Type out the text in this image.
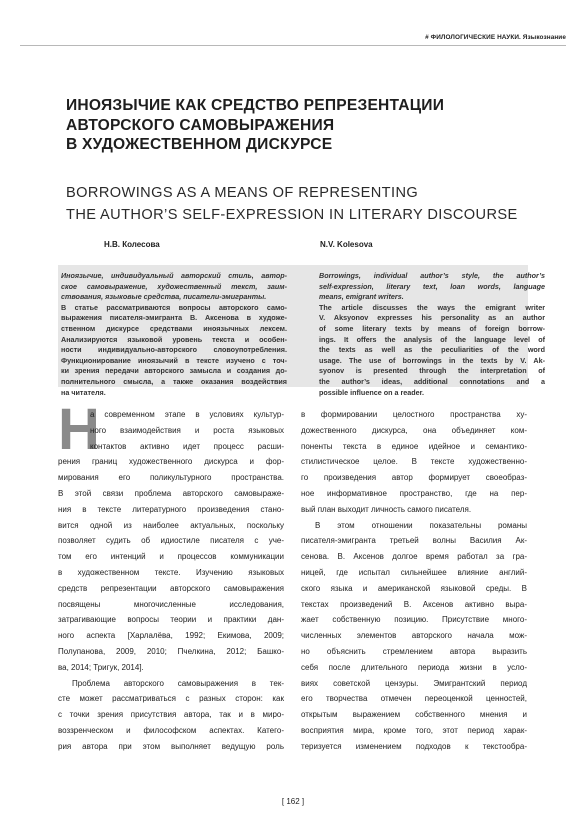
# ФИЛОЛОГИЧЕСКИЕ НАУКИ. Языкознание
ИНОЯЗЫЧИЕ КАК СРЕДСТВО РЕПРЕЗЕНТАЦИИ
АВТОРСКОГО САМОВЫРАЖЕНИЯ
В ХУДОЖЕСТВЕННОМ ДИСКУРСЕ
BORROWINGS AS A MEANS OF REPRESENTING
THE AUTHOR’S SELF-EXPRESSION IN LITERARY DISCOURSE
Н.В. Колесова	N.V. Kolesova
Иноязычие, индивидуальный авторский стиль, автор-
ское самовыражение, художественный текст, заим-
ствования, языковые средства, писатели-эмигранты.
В статье рассматриваются вопросы авторского само-
выражения писателя-эмигранта В. Аксенова в художе-
ственном дискурсе средствами иноязычных лексем.
Анализируются языковой уровень текста и особен-
ности индивидуально-авторского словоупотребления.
Функционирование иноязычий в тексте изучено с точ-
ки зрения передачи авторского замысла и создания до-
полнительного смысла, а также оказания воздействия
на читателя.
Borrowings, individual author’s style, the author’s
self-expression, literary text, loan words, language
means, emigrant writers.
The article discusses the ways the emigrant writer
V. Aksyonov expresses his personality as an author
of some literary texts by means of foreign borrow-
ings. It offers the analysis of the language level of
the texts as well as the peculiarities of the word
usage. The use of borrowings in the texts by V. Ak-
syonov is presented through the interpretation of
the author’s ideas, additional connotations and a
possible influence on a reader.
Н
а современном этапе в условиях культур-
ного взаимодействия и роста языковых
контактов активно идет процесс расши-
рения границ художественного дискурса и фор-
мирования его поликультурного пространства.
В этой связи проблема авторского самовыраже-
ния в тексте литературного произведения стано-
вится одной из наиболее актуальных, поскольку
позволяет судить об идиостиле писателя с уче-
том его интенций и процессов коммуникации
в художественном тексте. Изучению языковых
средств репрезентации авторского самовыражения
посвящены многочисленные исследования,
затрагивающие вопросы теории и практики дан-
ного аспекта [Харлалёва, 1992; Екимова, 2009;
Полупанова, 2009, 2010; Пчелкина, 2012; Башко-
ва, 2014; Тригук, 2014].
Проблема авторского самовыражения в тек-
сте может рассматриваться с разных сторон: как
с точки зрения присутствия автора, так и в миро-
воззренческом и философском аспектах. Катего-
рия автора при этом выполняет ведущую роль
в формировании целостного пространства ху-
дожественного дискурса, она объединяет ком-
поненты текста в единое идейное и семантико-
стилистическое целое. В тексте художественно-
го произведения автор формирует своеобраз-
ное информативное пространство, где на пер-
вый план выходит личность самого писателя.
В этом отношении показательны романы
писателя-эмигранта третьей волны Василия Ак-
сенова. В. Аксенов долгое время работал за гра-
ницей, где испытал сильнейшее влияние англий-
ского языка и американской языковой среды. В
текстах произведений В. Аксенов активно выра-
жает собственную позицию. Присутствие много-
численных элементов авторского начала мож-
но объяснить стремлением автора выразить
себя после длительного периода жизни в усло-
виях советской цензуры. Эмигрантский период
его творчества отмечен переоценкой ценностей,
открытым выражением собственного мнения и
восприятия мира, кроме того, этот период харак-
теризуется изменением подходов к текстообра-
[ 162 ]
